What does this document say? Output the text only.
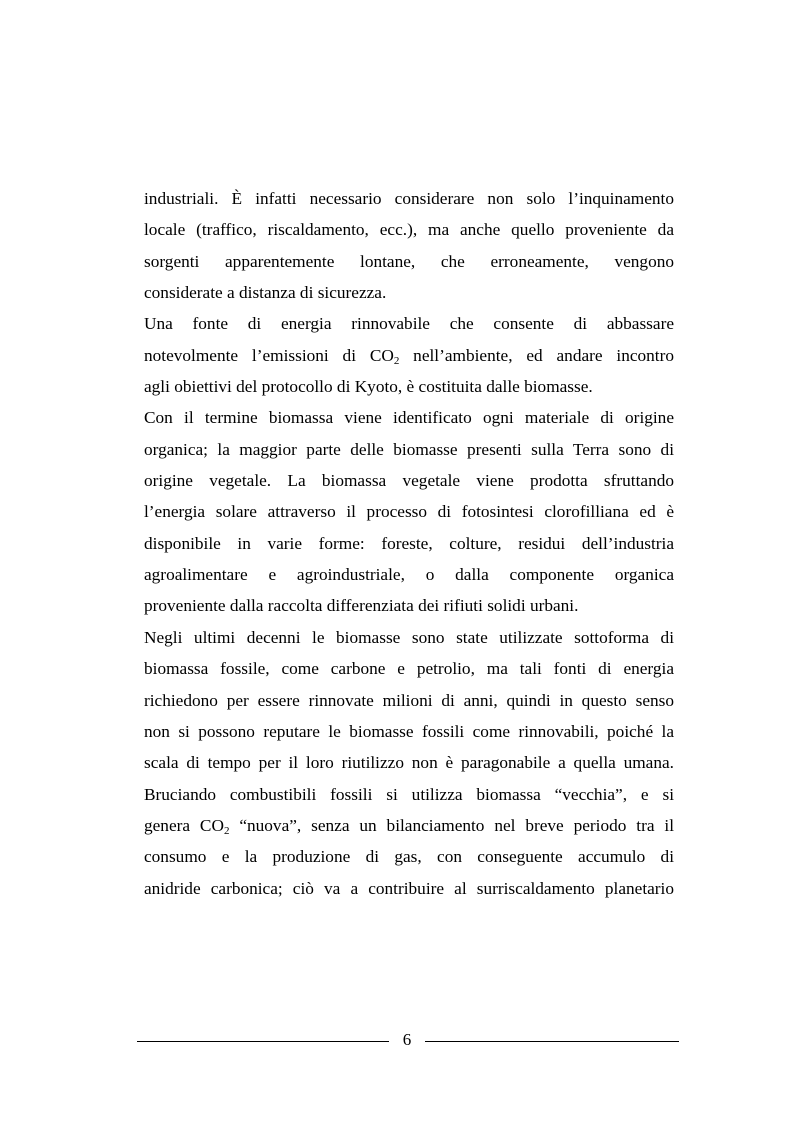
industriali. È infatti necessario considerare non solo l’inquinamento
locale (traffico, riscaldamento, ecc.), ma anche quello proveniente da
sorgenti apparentemente lontane, che erroneamente, vengono
considerate a distanza di sicurezza.
Una fonte di energia rinnovabile che consente di abbassare
notevolmente l’emissioni di $CO_2$ nell’ambiente, ed andare incontro
agli obiettivi del protocollo di Kyoto, è costituita dalle biomasse.
Con il termine biomassa viene identificato ogni materiale di origine
organica; la maggior parte delle biomasse presenti sulla Terra sono di
origine vegetale. La biomassa vegetale viene prodotta sfruttando
l’energia solare attraverso il processo di fotosintesi clorofilliana ed è
disponibile in varie forme: foreste, colture, residui dell’industria
agroalimentare e agroindustriale, o dalla componente organica
proveniente dalla raccolta differenziata dei rifiuti solidi urbani.
Negli ultimi decenni le biomasse sono state utilizzate sottoforma di
biomassa fossile, come carbone e petrolio, ma tali fonti di energia
richiedono per essere rinnovate milioni di anni, quindi in questo senso
non si possono reputare le biomasse fossili come rinnovabili, poiché la
scala di tempo per il loro riutilizzo non è paragonabile a quella umana.
Bruciando combustibili fossili si utilizza biomassa “vecchia”, e si
genera $CO_2$ “nuova”, senza un bilanciamento nel breve periodo tra il
consumo e la produzione di gas, con conseguente accumulo di
anidride carbonica; ciò va a contribuire al surriscaldamento planetario
6
